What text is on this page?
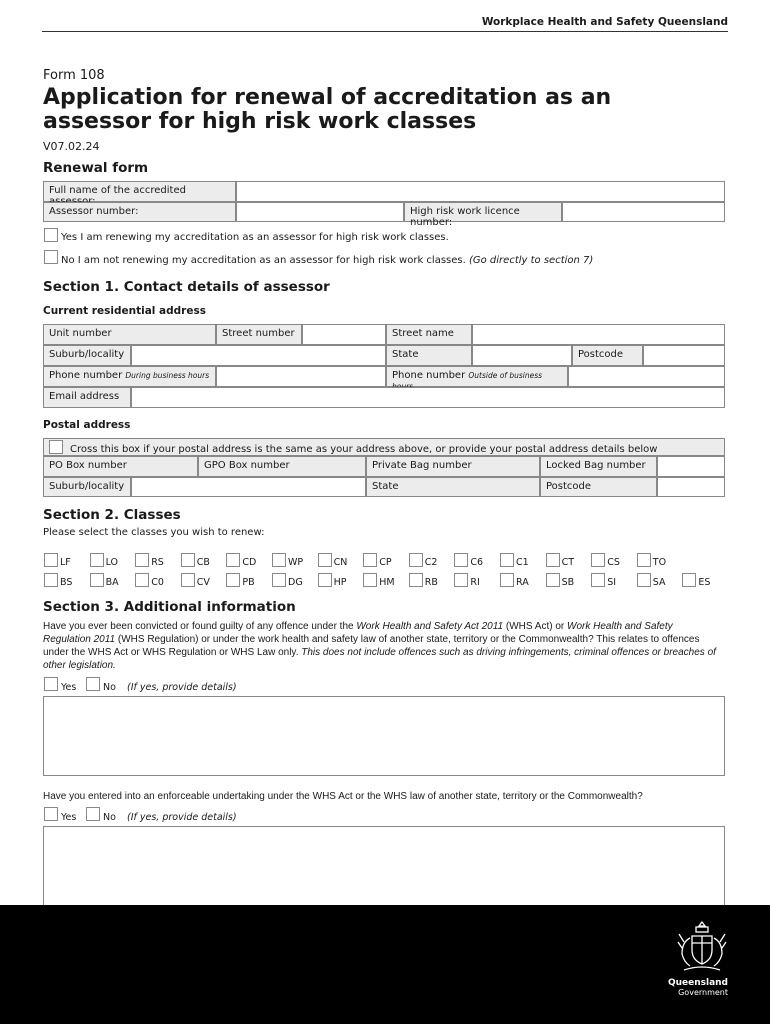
Workplace Health and Safety Queensland
Form 108
Application for renewal of accreditation as an assessor for high risk work classes
V07.02.24
Renewal form
Full name of the accredited
Assessor number:	High risk work licence number:
Yes I am renewing my accreditation as an assessor for high risk work classes.
No I am not renewing my accreditation as an assessor for high risk work classes. (Go directly to section 7)
Section 1. Contact details of assessor
Current residential address
Unit number	Street number	Street name
Suburb/locality	State	Postcode
Phone number During business hours	Phone number Outside of business
Email address
Postal address
Cross this box if your postal address is the same as your address above, or provide your postal address details below
PO Box number	GPO Box number	Private Bag number	Locked Bag number
Suburb/locality	State	Postcode
Section 2. Classes
Please select the classes you wish to renew:
LF	LO	RS	CB	CD	WP	CN	CP	C2	C6	C1	CT	CS	TO
BS	BA	C0	CV	PB	DG	HP	HM	RB	RI	RA	SB	SI	SA	ES
Section 3. Additional information
Have you ever been convicted or found guilty of any offence under the Work Health and Safety Act 2011 (WHS Act) or Work Health and Safety Regulation 2011 (WHS Regulation) or under the work health and safety law of another state, territory or the Commonwealth? This relates to offences under the WHS Act or WHS Regulation or WHS Law only. This does not include offences such as driving infringements, criminal offences or breaches of other legislation.
Yes	No (If yes, provide details)
Have you entered into an enforceable undertaking under the WHS Act or the WHS law of another state, territory or the Commonwealth?
Yes	No (If yes, provide details)
Queensland
Government
